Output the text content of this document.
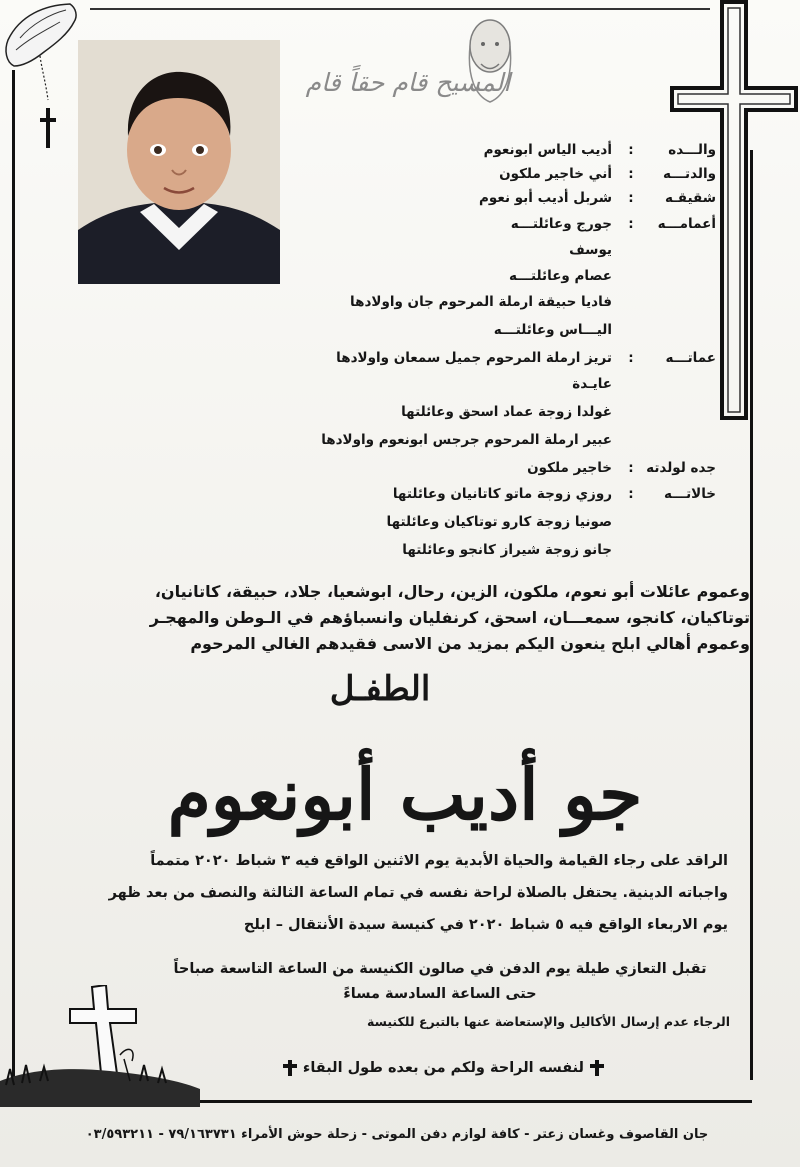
المسيح قام حقاً قام
والـــده
:
أديب الياس ابونعوم
والدتـــه
:
أني خاجير ملكون
شقيقـه
:
شربل أديب أبو نعوم
أعمامـــه
:
جورج وعائلتـــه
يوسف
عصام وعائلتـــه
فاديا حبيقة ارملة المرحوم جان واولادها
اليـــاس وعائلتـــه
عماتـــه
:
تريز ارملة المرحوم جميل سمعان واولادها
عايـدة
غولدا زوجة عماد اسحق وعائلتها
عبير ارملة المرحوم جرجس ابونعوم واولادها
جده لولدته
:
خاجير ملكون
خالاتـــه
:
روزي زوجة ماتو كاتانيان وعائلتها
صونيا زوجة كارو توتاكيان وعائلتها
جانو زوجة شيراز كانجو وعائلتها
وعموم عائلات أبو نعوم، ملكون، الزين، رحال، ابوشعيا، جلاد، حبيقة، كاتانيان،
توتاكيان، كانجو، سمعـــان، اسحق، كرنفليان وانسباؤهم في الـوطن والمهجـر
وعموم أهالي ابلح ينعون اليكم بمزيد من الاسى فقيدهم الغالي المرحوم
الطفـل
جو أديب أبونعوم
الراقد على رجاء القيامة والحياة الأبدية يوم الاثنين الواقع فيه ٣ شباط ٢٠٢٠ متمماً
واجباته الدينية. يحتفل بالصلاة لراحة نفسه في تمام الساعة الثالثة والنصف من بعد ظهر
يوم الاربعاء الواقع فيه ٥ شباط ٢٠٢٠ في كنيسة سيدة الأنتقال – ابلح
تقبل التعازي طيلة يوم الدفن في صالون الكنيسة من الساعة التاسعة صباحاً
حتى الساعة السادسة مساءً
الرجاء عدم إرسال الأكاليل والإستعاضة عنها بالتبرع للكنيسة
لنفسه الراحة ولكم من بعده طول البقاء
جان القاصوف وغسان زعتر - كافة لوازم دفن الموتى - زحلة حوش الأمراء ٧٩/١٦٣٧٣١ - ٠٣/٥٩٣٢١١
